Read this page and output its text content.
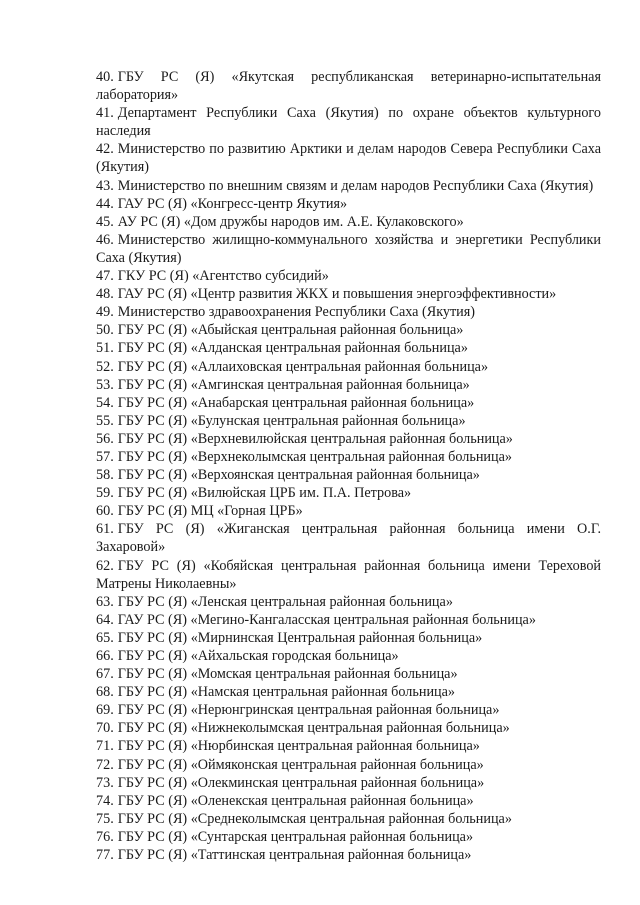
40. ГБУ РС (Я) «Якутская республиканская ветеринарно-испытательная лаборатория»
41. Департамент Республики Саха (Якутия) по охране объектов культурного наследия
42. Министерство по развитию Арктики и делам народов Севера Республики Саха (Якутия)
43. Министерство по внешним связям и делам народов Республики Саха (Якутия)
44. ГАУ РС (Я) «Конгресс-центр Якутия»
45. АУ РС (Я) «Дом дружбы народов им. А.Е. Кулаковского»
46. Министерство жилищно-коммунального хозяйства и энергетики Республики Саха (Якутия)
47. ГКУ РС (Я) «Агентство субсидий»
48. ГАУ РС (Я) «Центр развития ЖКХ и повышения энергоэффективности»
49. Министерство здравоохранения Республики Саха (Якутия)
50. ГБУ РС (Я) «Абыйская центральная районная больница»
51. ГБУ РС (Я) «Алданская центральная районная больница»
52. ГБУ РС (Я) «Аллаиховская центральная районная больница»
53. ГБУ РС (Я) «Амгинская центральная районная больница»
54. ГБУ РС (Я) «Анабарская центральная районная больница»
55. ГБУ РС (Я) «Булунская центральная районная больница»
56. ГБУ РС (Я) «Верхневилюйская центральная районная больница»
57. ГБУ РС (Я) «Верхнеколымская центральная районная больница»
58. ГБУ РС (Я) «Верхоянская центральная районная больница»
59. ГБУ РС (Я) «Вилюйская ЦРБ им. П.А. Петрова»
60. ГБУ РС (Я) МЦ «Горная ЦРБ»
61. ГБУ РС (Я) «Жиганская центральная районная больница имени О.Г. Захаровой»
62. ГБУ РС (Я) «Кобяйская центральная районная больница имени Тереховой Матрены Николаевны»
63. ГБУ РС (Я) «Ленская центральная районная больница»
64. ГАУ РС (Я) «Мегино-Кангаласская центральная районная больница»
65. ГБУ РС (Я) «Мирнинская Центральная районная больница»
66. ГБУ РС (Я) «Айхальская городская больница»
67. ГБУ РС (Я) «Момская центральная районная больница»
68. ГБУ РС (Я) «Намская центральная районная больница»
69. ГБУ РС (Я) «Нерюнгринская центральная районная больница»
70. ГБУ РС (Я) «Нижнеколымская центральная районная больница»
71. ГБУ РС (Я) «Нюрбинская центральная районная больница»
72. ГБУ РС (Я) «Оймяконская центральная районная больница»
73. ГБУ РС (Я) «Олекминская центральная районная больница»
74. ГБУ РС (Я) «Оленекская центральная районная больница»
75. ГБУ РС (Я) «Среднеколымская центральная районная больница»
76. ГБУ РС (Я) «Сунтарская центральная районная больница»
77. ГБУ РС (Я) «Таттинская центральная районная больница»
